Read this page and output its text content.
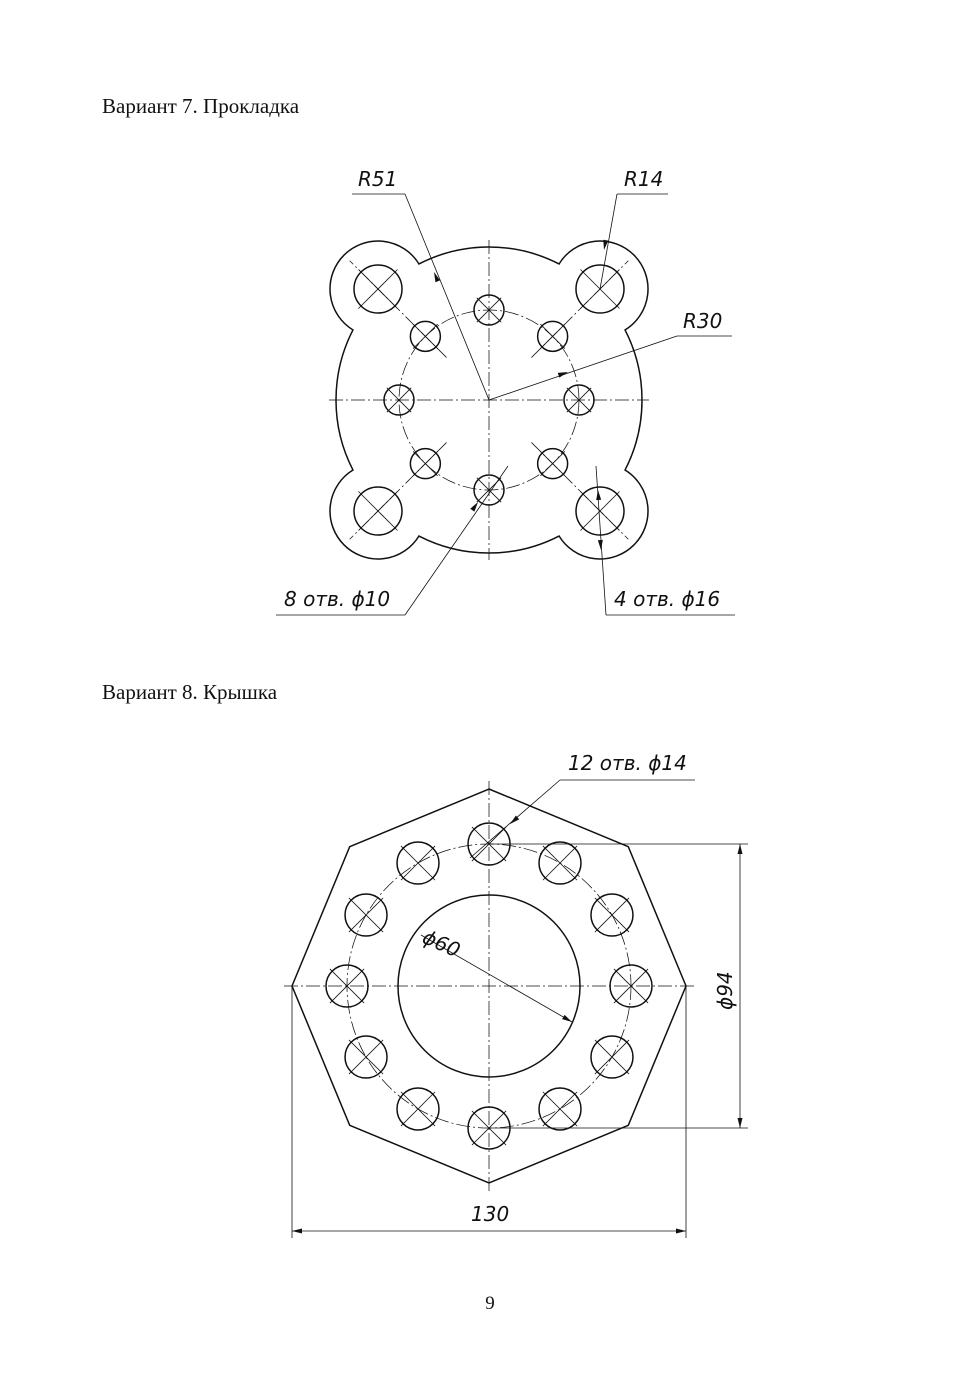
Вариант 7. Прокладка
R51	R14
R30
8 отв. ϕ10	4 отв. ϕ16
Вариант 8. Крышка
12 отв. ϕ14
ϕ60
ϕ94
130
9
